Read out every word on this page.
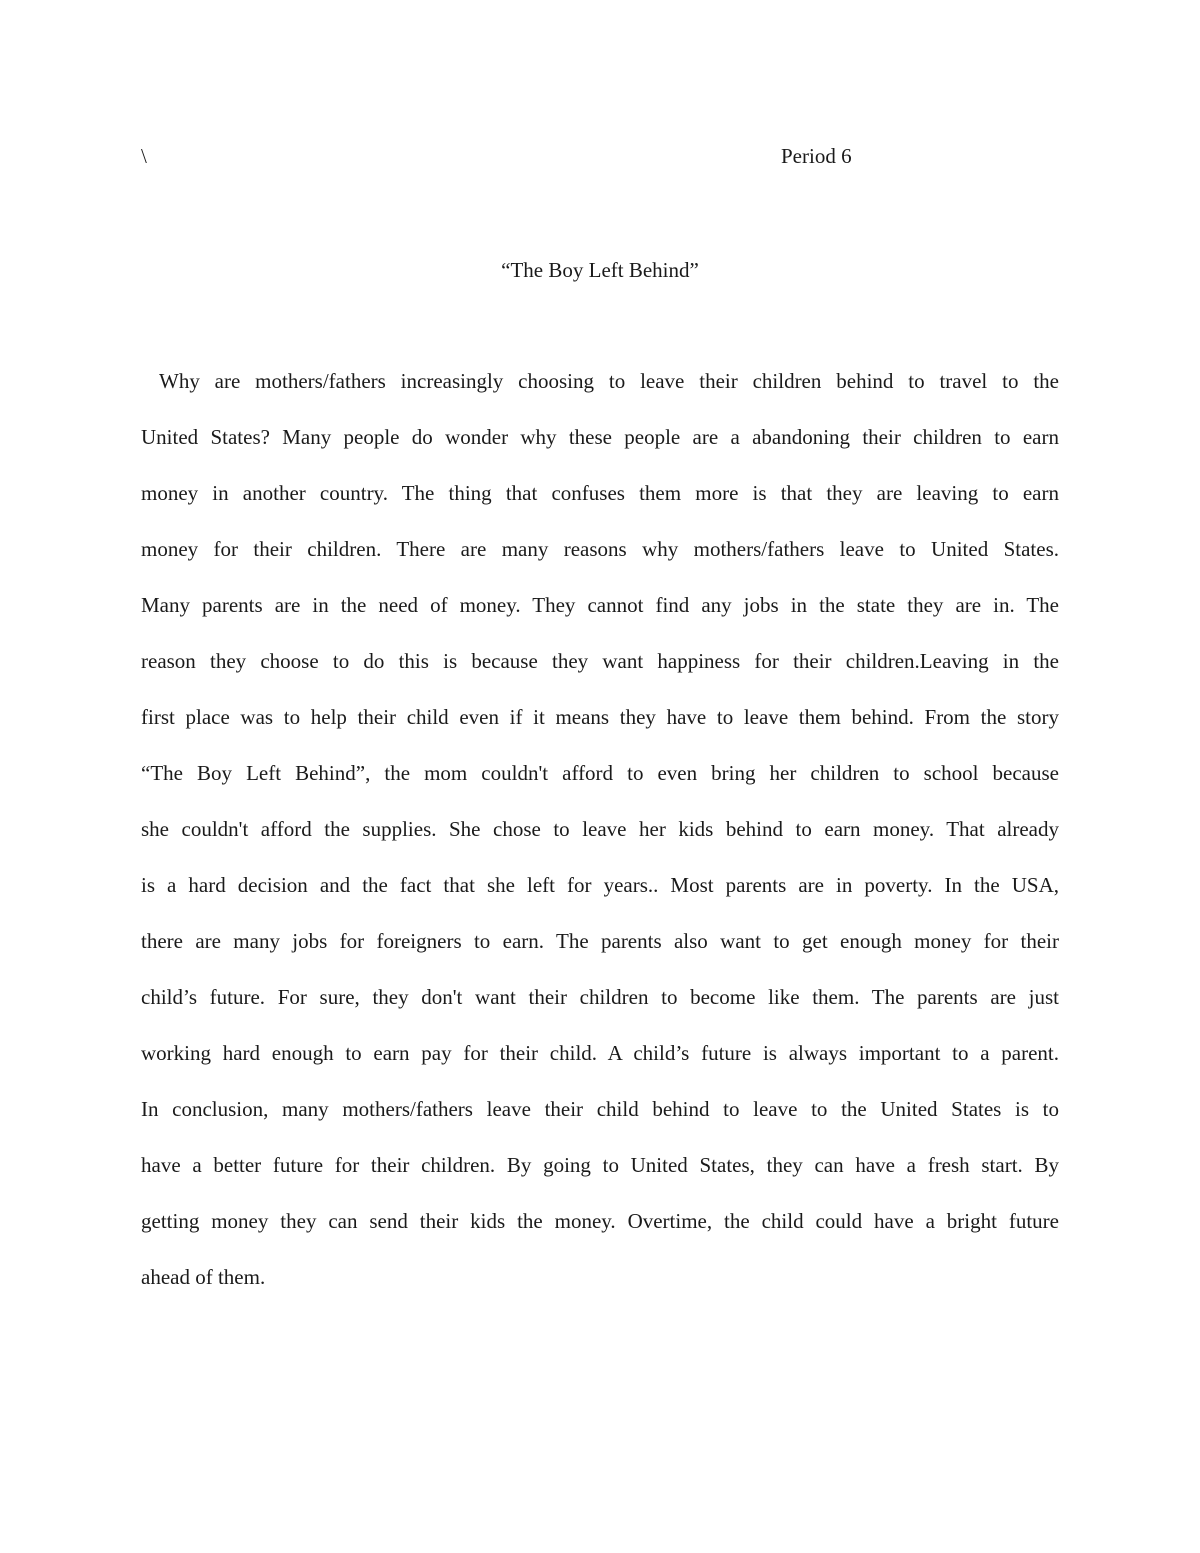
\	Period 6
“The Boy Left Behind”
Why are mothers/fathers increasingly choosing to leave their children behind to travel to the
United States? Many people do wonder why these people are a abandoning their children to earn
money in another country. The thing that confuses them more is that they are leaving to earn
money for their children. There are many reasons why mothers/fathers leave to United States.
Many parents are in the need of money. They cannot find any jobs in the state they are in. The
reason they choose to do this is because they want happiness for their children.Leaving in the
first place was to help their child even if it means they have to leave them behind. From the story
“The Boy Left Behind”, the mom couldn't afford to even bring her children to school because
she couldn't afford the supplies. She chose to leave her kids behind to earn money. That already
is a hard decision and the fact that she left for years.. Most parents are in poverty. In the USA,
there are many jobs for foreigners to earn. The parents also want to get enough money for their
child’s future. For sure, they don't want their children to become like them. The parents are just
working hard enough to earn pay for their child. A child’s future is always important to a parent.
In conclusion, many mothers/fathers leave their child behind to leave to the United States is to
have a better future for their children. By going to United States, they can have a fresh start. By
getting money they can send their kids the money. Overtime, the child could have a bright future
ahead of them.
